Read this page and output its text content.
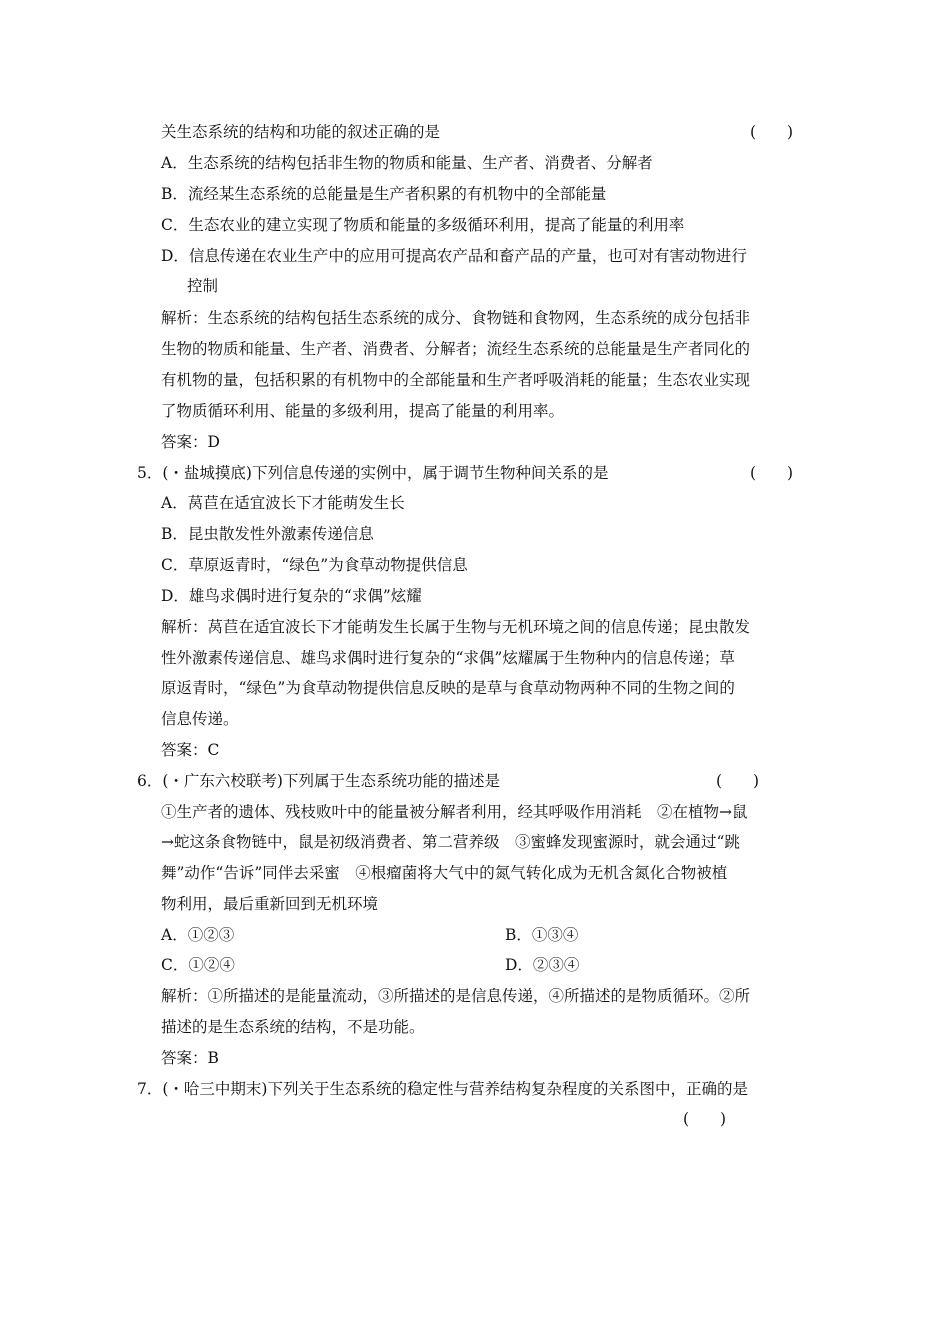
关生态系统的结构和功能的叙述正确的是	(　　)
A．生态系统的结构包括非生物的物质和能量、生产者、消费者、分解者
B．流经某生态系统的总能量是生产者积累的有机物中的全部能量
C．生态农业的建立实现了物质和能量的多级循环利用，提高了能量的利用率
D．信息传递在农业生产中的应用可提高农产品和畜产品的产量，也可对有害动物进行
控制
解析：生态系统的结构包括生态系统的成分、食物链和食物网，生态系统的成分包括非
生物的物质和能量、生产者、消费者、分解者；流经生态系统的总能量是生产者同化的
有机物的量，包括积累的有机物中的全部能量和生产者呼吸消耗的能量；生态农业实现
了物质循环利用、能量的多级利用，提高了能量的利用率。
答案：D
5．(・盐城摸底)下列信息传递的实例中，属于调节生物种间关系的是	(　　)
A．莴苣在适宜波长下才能萌发生长
B．昆虫散发性外激素传递信息
C．草原返青时，“绿色”为食草动物提供信息
D．雄鸟求偶时进行复杂的“求偶”炫耀
解析：莴苣在适宜波长下才能萌发生长属于生物与无机环境之间的信息传递；昆虫散发
性外激素传递信息、雄鸟求偶时进行复杂的“求偶”炫耀属于生物种内的信息传递；草
原返青时，“绿色”为食草动物提供信息反映的是草与食草动物两种不同的生物之间的
信息传递。
答案：C
6．(・广东六校联考)下列属于生态系统功能的描述是	(　　)
①生产者的遗体、残枝败叶中的能量被分解者利用，经其呼吸作用消耗　②在植物→鼠
→蛇这条食物链中，鼠是初级消费者、第二营养级　③蜜蜂发现蜜源时，就会通过“跳
舞”动作“告诉”同伴去采蜜　④根瘤菌将大气中的氮气转化成为无机含氮化合物被植
物利用，最后重新回到无机环境
A．①②③	B．①③④
C．①②④	D．②③④
解析：①所描述的是能量流动，③所描述的是信息传递，④所描述的是物质循环。②所
描述的是生态系统的结构，不是功能。
答案：B
7．(・哈三中期末)下列关于生态系统的稳定性与营养结构复杂程度的关系图中，正确的是
(　　)
